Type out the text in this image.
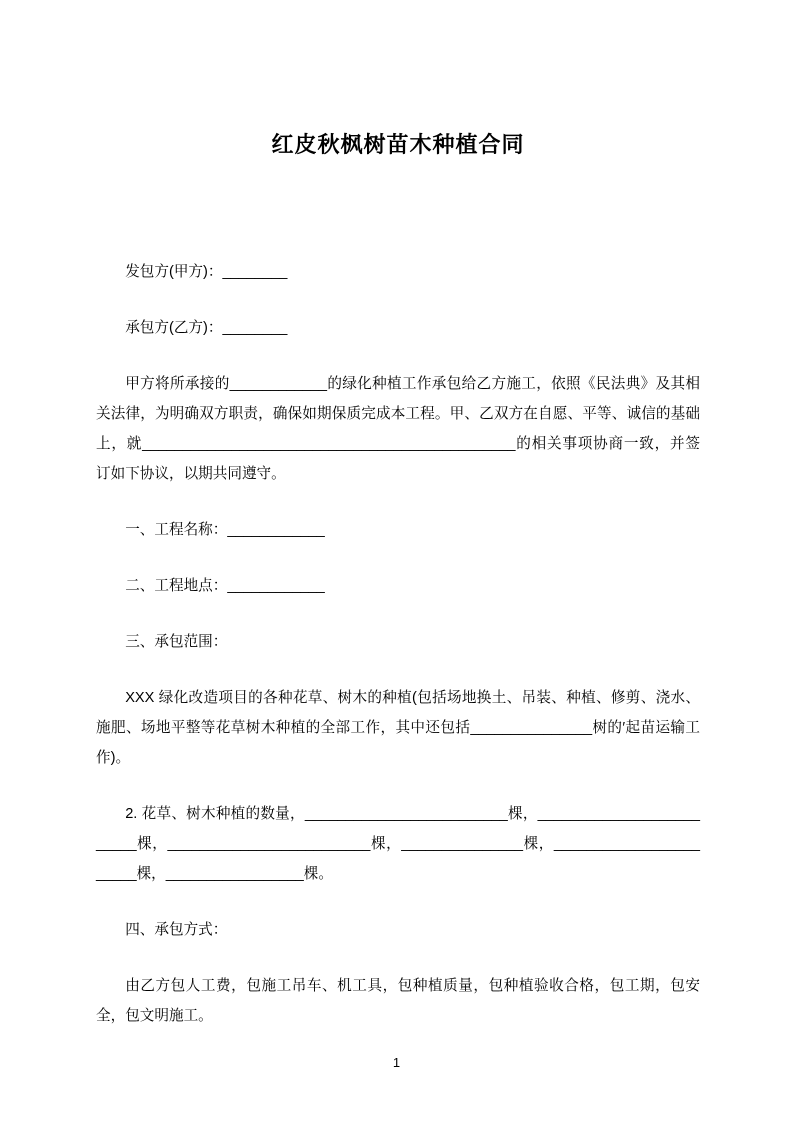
红皮秋枫树苗木种植合同

发包方(甲方)：________

承包方(乙方)：________

甲方将所承接的____________的绿化种植工作承包给乙方施工，依照《民法典》及其相关法律，为明确双方职责，确保如期保质完成本工程。甲、乙双方在自愿、平等、诚信的基础上，就______________________________________________的相关事项协商一致，并签订如下协议，以期共同遵守。

一、工程名称：____________

二、工程地点：____________

三、承包范围：

XXX 绿化改造项目的各种花草、树木的种植(包括场地换土、吊装、种植、修剪、浇水、施肥、场地平整等花草树木种植的全部工作，其中还包括_______________树的′起苗运输工作)。

2. 花草、树木种植的数量，_________________________棵，_________________________棵，_________________________棵，_______________棵，_______________________棵，_________________棵。

四、承包方式：

由乙方包人工费，包施工吊车、机工具，包种植质量，包种植验收合格，包工期，包安全，包文明施工。

1
